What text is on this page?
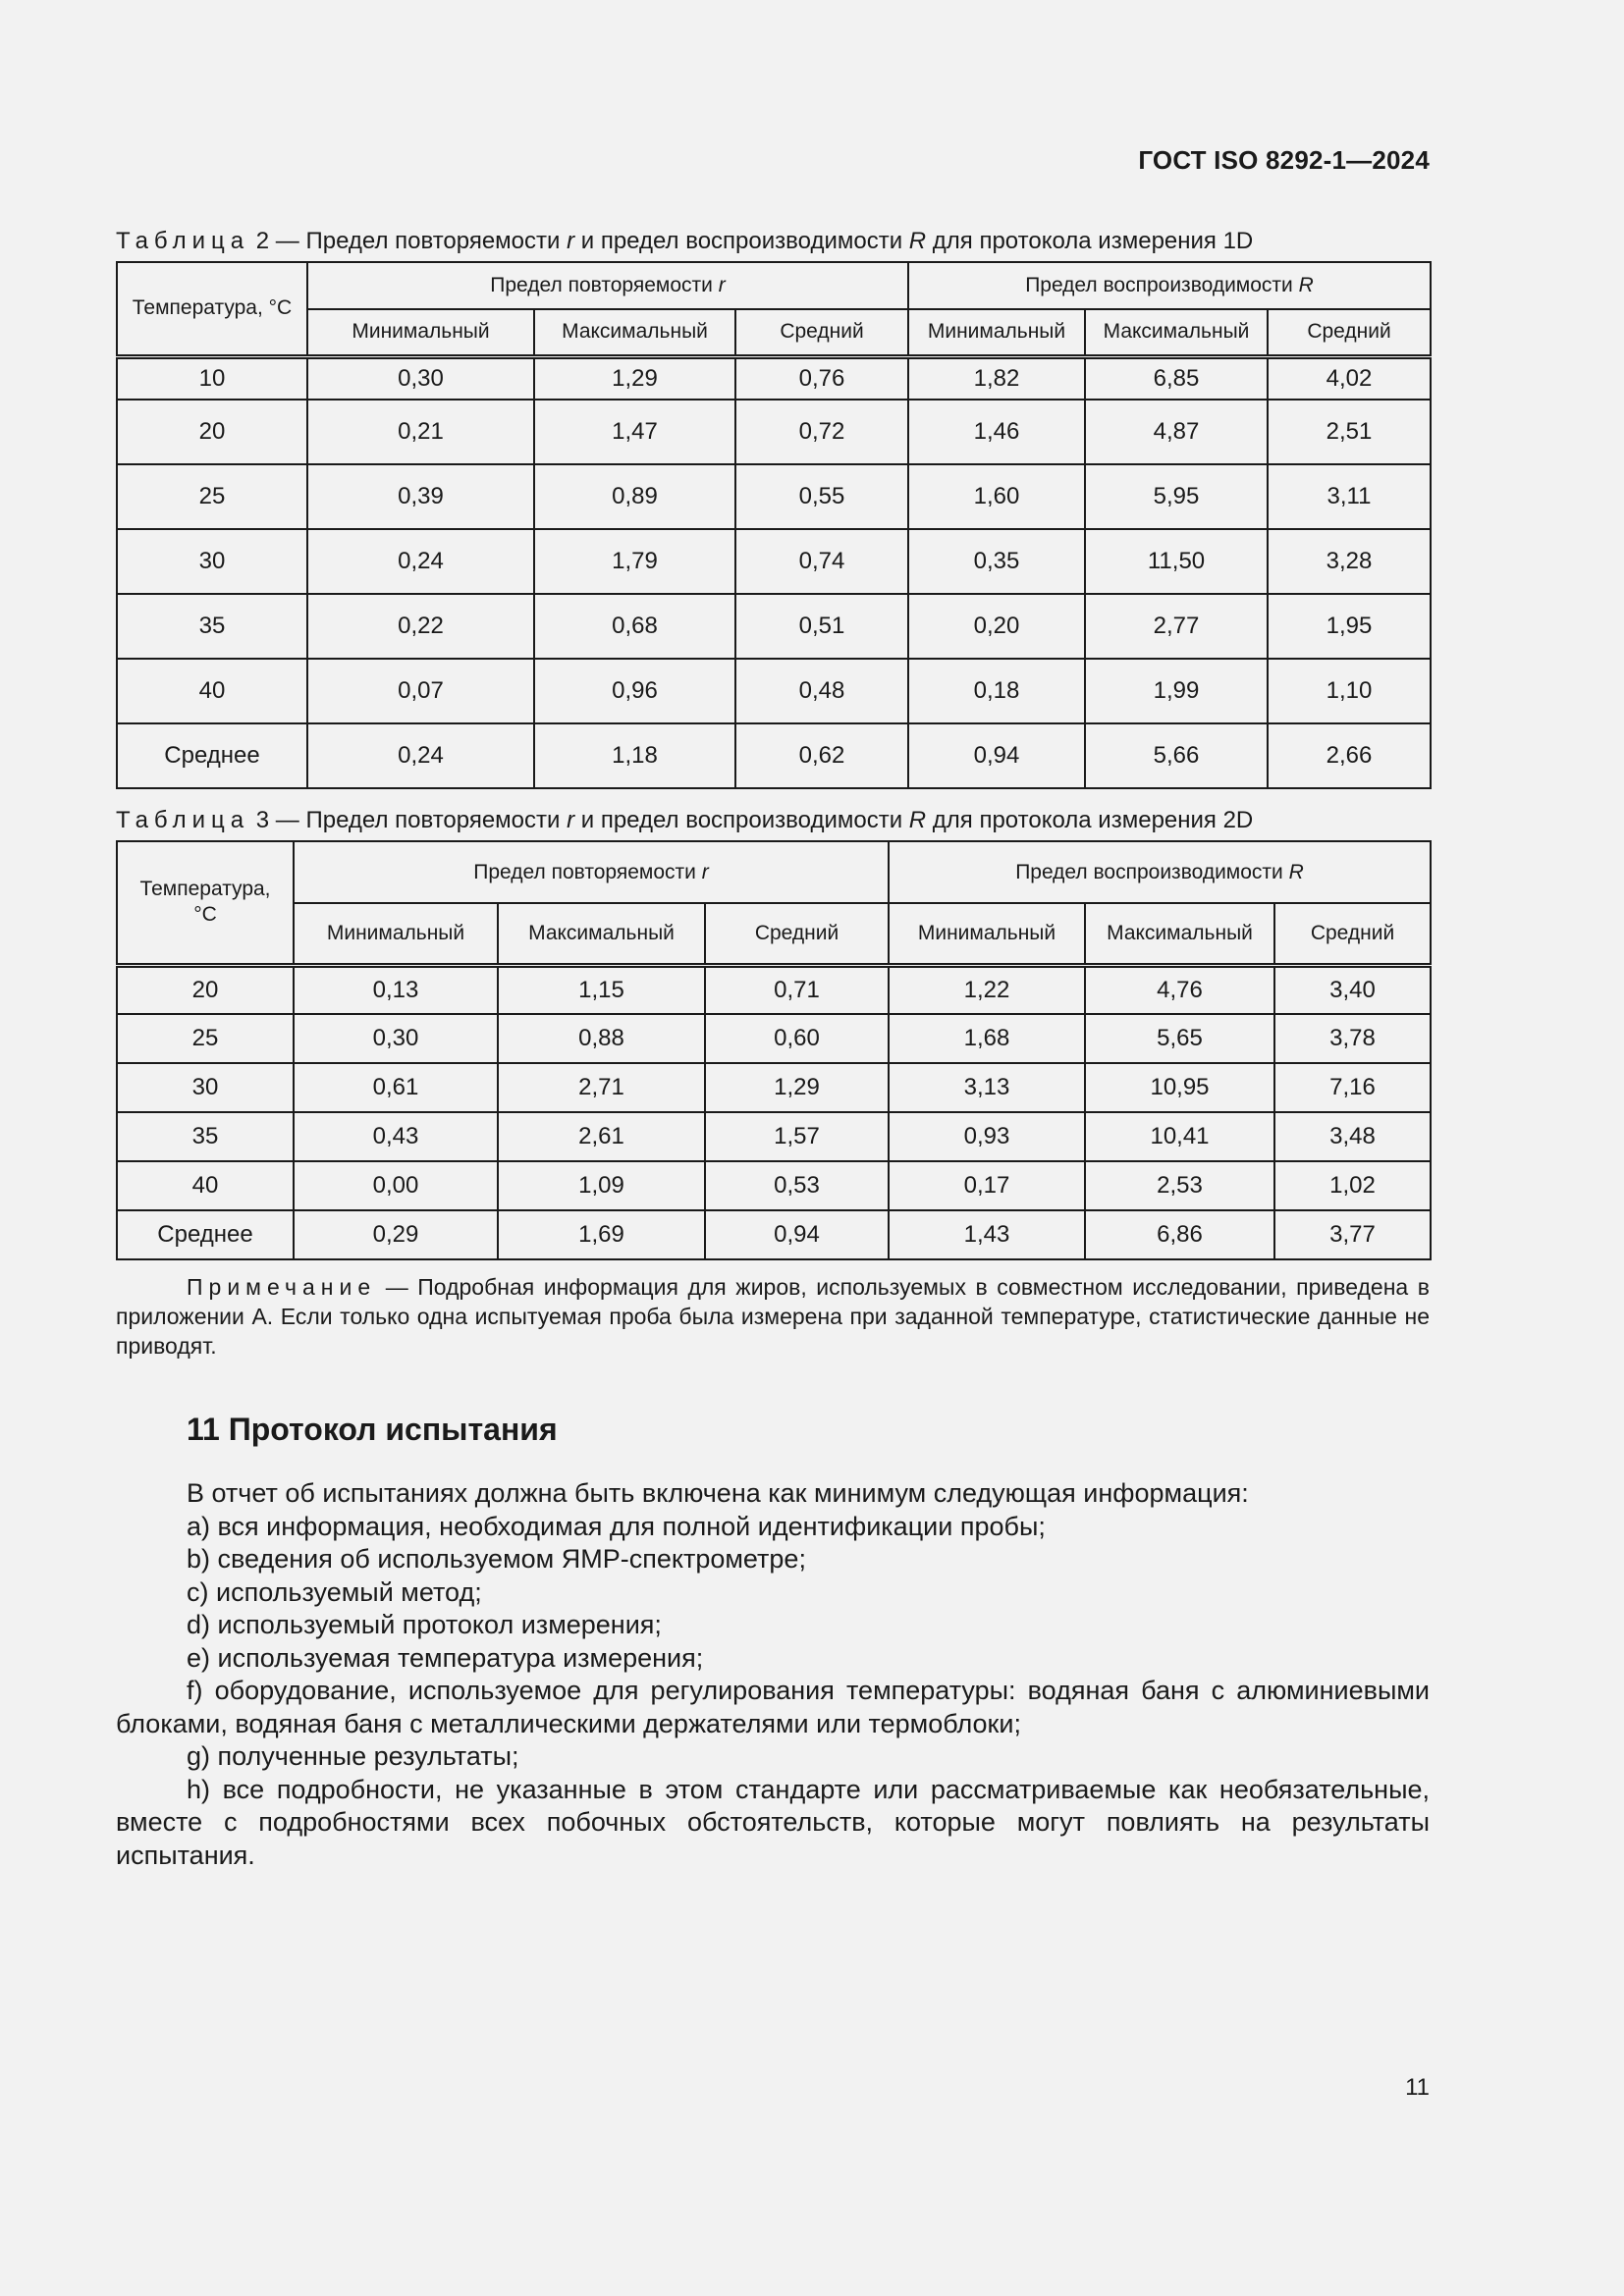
ГОСТ ISO 8292-1—2024
Таблица 2 — Предел повторяемости r и предел воспроизводимости R для протокола измерения 1D
Температура, °С	Предел повторяемости r			Предел воспроизводимости R		
	Минимальный	Максимальный	Средний	Минимальный	Максимальный	Средний
10	0,30	1,29	0,76	1,82	6,85	4,02
20	0,21	1,47	0,72	1,46	4,87	2,51
25	0,39	0,89	0,55	1,60	5,95	3,11
30	0,24	1,79	0,74	0,35	11,50	3,28
35	0,22	0,68	0,51	0,20	2,77	1,95
40	0,07	0,96	0,48	0,18	1,99	1,10
Среднее	0,24	1,18	0,62	0,94	5,66	2,66
Таблица 3 — Предел повторяемости r и предел воспроизводимости R для протокола измерения 2D
Температура,
°С	Предел повторяемости r			Предел воспроизводимости R		
	Минимальный	Максимальный	Средний	Минимальный	Максимальный	Средний
20	0,13	1,15	0,71	1,22	4,76	3,40
25	0,30	0,88	0,60	1,68	5,65	3,78
30	0,61	2,71	1,29	3,13	10,95	7,16
35	0,43	2,61	1,57	0,93	10,41	3,48
40	0,00	1,09	0,53	0,17	2,53	1,02
Среднее	0,29	1,69	0,94	1,43	6,86	3,77
Примечание — Подробная информация для жиров, используемых в совместном исследовании, приведена в приложении А. Если только одна испытуемая проба была измерена при заданной температуре, статистические данные не приводят.
11 Протокол испытания
В отчет об испытаниях должна быть включена как минимум следующая информация:
a) вся информация, необходимая для полной идентификации пробы;
b) сведения об используемом ЯМР-спектрометре;
c) используемый метод;
d) используемый протокол измерения;
e) используемая температура измерения;
f) оборудование, используемое для регулирования температуры: водяная баня с алюминиевыми блоками, водяная баня с металлическими держателями или термоблоки;
g) полученные результаты;
h) все подробности, не указанные в этом стандарте или рассматриваемые как необязательные, вместе с подробностями всех побочных обстоятельств, которые могут повлиять на результаты испытания.
11
